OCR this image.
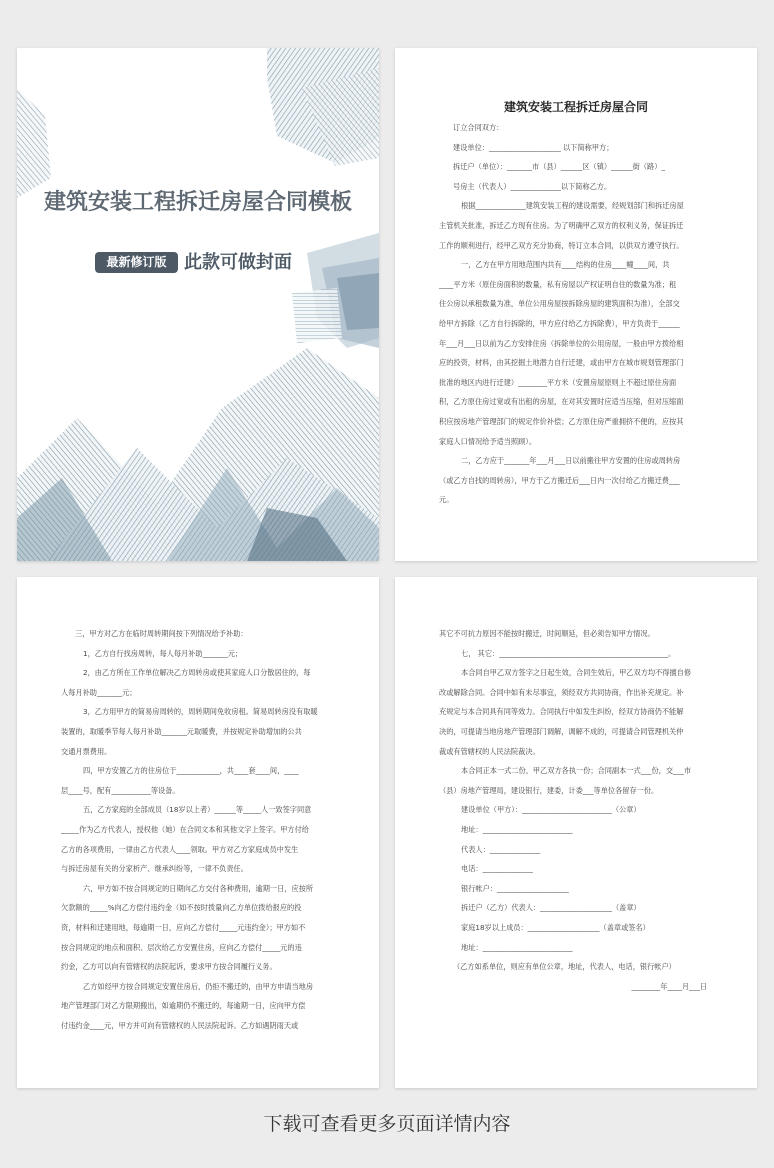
建筑安装工程拆迁房屋合同模板
最新修订版 此款可做封面
建筑安装工程拆迁房屋合同

订立合同双方：

建设单位：____________________ 以下简称甲方；

拆迁户（单位）：_______市（县）______区（镇）______街（路）_

号房主（代表人）______________以下简称乙方。

根据______________建筑安装工程的建设需要，经规划部门和拆迁房屋

主管机关批准，拆迁乙方现有住房。为了明确甲乙双方的权利义务，保证拆迁

工作的顺利进行，经甲乙双方充分协商，特订立本合同，以供双方遵守执行。

一，乙方在甲方用地范围内共有____结构的住房____幢____间，共

____平方米（原住房面积的数量，私有房屋以产权证明自住的数量为准；租

住公房以承租数量为准，单位公用房屋按拆除房屋的建筑面积为准），全部交

给甲方拆除（乙方自行拆除的，甲方应付给乙方拆除费），甲方负责于______

年___月___日以前为乙方安排住房（拆除单位的公用房屋，一般由甲方拨给相

应的投资，材料，由其挖掘土地潜力自行迁建，或由甲方在城市规划管理部门

批准的地区内进行迁建）________平方米（安置房屋原则上不超过原住房面

积，乙方原住房过宽或有出租的房屋，在对其安置时应适当压缩，但对压缩面

积应按房地产管理部门的规定作价补偿；乙方原住房严重拥挤不便的，应按其

家庭人口情况给予适当照顾）。

二，乙方应于_______年___月___日以前搬往甲方安置的住房或周转房

（或乙方自找的周转房），甲方于乙方搬迁后___日内一次付给乙方搬迁费___

元。

三，甲方对乙方在临时周转期间按下列情况给予补助：

1，乙方自行找房周转，每人每月补助_______元；

2，由乙方所在工作单位解决乙方周转房或使其家庭人口分散居住的，每

人每月补助_______元；

3，乙方用甲方的简易房周转的，周转期间免收房租。简易周转房没有取暖

装置的，取暖季节每人每月补助_______元取暖费，并按规定补助增加的公共

交通月票费用。

四，甲方安置乙方的住房位于____________，共____套____间，____

层____号，配有___________等设备。

五，乙方家庭的全部成员（18岁以上者）______等_____人一致签字同意

_____作为乙方代表人，授权他（她）在合同文本和其他文字上签字。甲方付给

乙方的各项费用，一律由乙方代表人____领取。甲方对乙方家庭成员中发生

与拆迁房屋有关的分家析产、继承纠纷等，一律不负责任。

六，甲方如不按合同规定的日期向乙方交付各种费用，逾期一日，应按所

欠款额的_____%向乙方偿付违约金（如不按时拨量向乙方单位拨给报应的投

资，材料和迁建用地，每逾期一日，应向乙方偿付_____元违约金）；甲方如不

按合同规定的地点和面积、层次给乙方安置住房，应向乙方偿付_____元的违

约金，乙方可以向有管辖权的法院起诉，要求甲方按合同履行义务。

乙方如经甲方按合同规定安置住房后，仍拒不搬迁的，由甲方申请当地房

地产管理部门对乙方限期搬出，如逾期仍不搬迁的，每逾期一日，应向甲方偿

付违约金____元，甲方并可向有管辖权的人民法院起诉。乙方如遇阴雨天或

其它不可抗力原因不能按时搬迁，时间顺延，但必须告知甲方情况。

七， 其它：_______________________________________________。

本合同自甲乙双方签字之日起生效，合同生效后，甲乙双方均不得擅自修

改或解除合同。合同中如有未尽事宜，须经双方共同协商，作出补充规定。补

充规定与本合同具有同等效力。合同执行中如发生纠纷，经双方协商仍不能解

决的，可提请当地房地产管理部门调解，调解不成的，可提请合同管理机关仲

裁或有管辖权的人民法院裁决。

本合同正本一式二份，甲乙双方各执一份；合同副本一式___份，交___市

（县）房地产管理局，建设银行，建委，计委___等单位各留存一份。

建设单位（甲方）：_________________________（公章）

地址：_________________________

代表人：______________

电话：______________

银行帐户：____________________

拆迁户（乙方）代表人：____________________（盖章）

家庭18岁以上成员：____________________（盖章或签名）

地址：_________________________

（乙方如系单位，则应有单位公章，地址，代表人，电话，银行帐户）

________年____月___日

下载可查看更多页面详情内容
